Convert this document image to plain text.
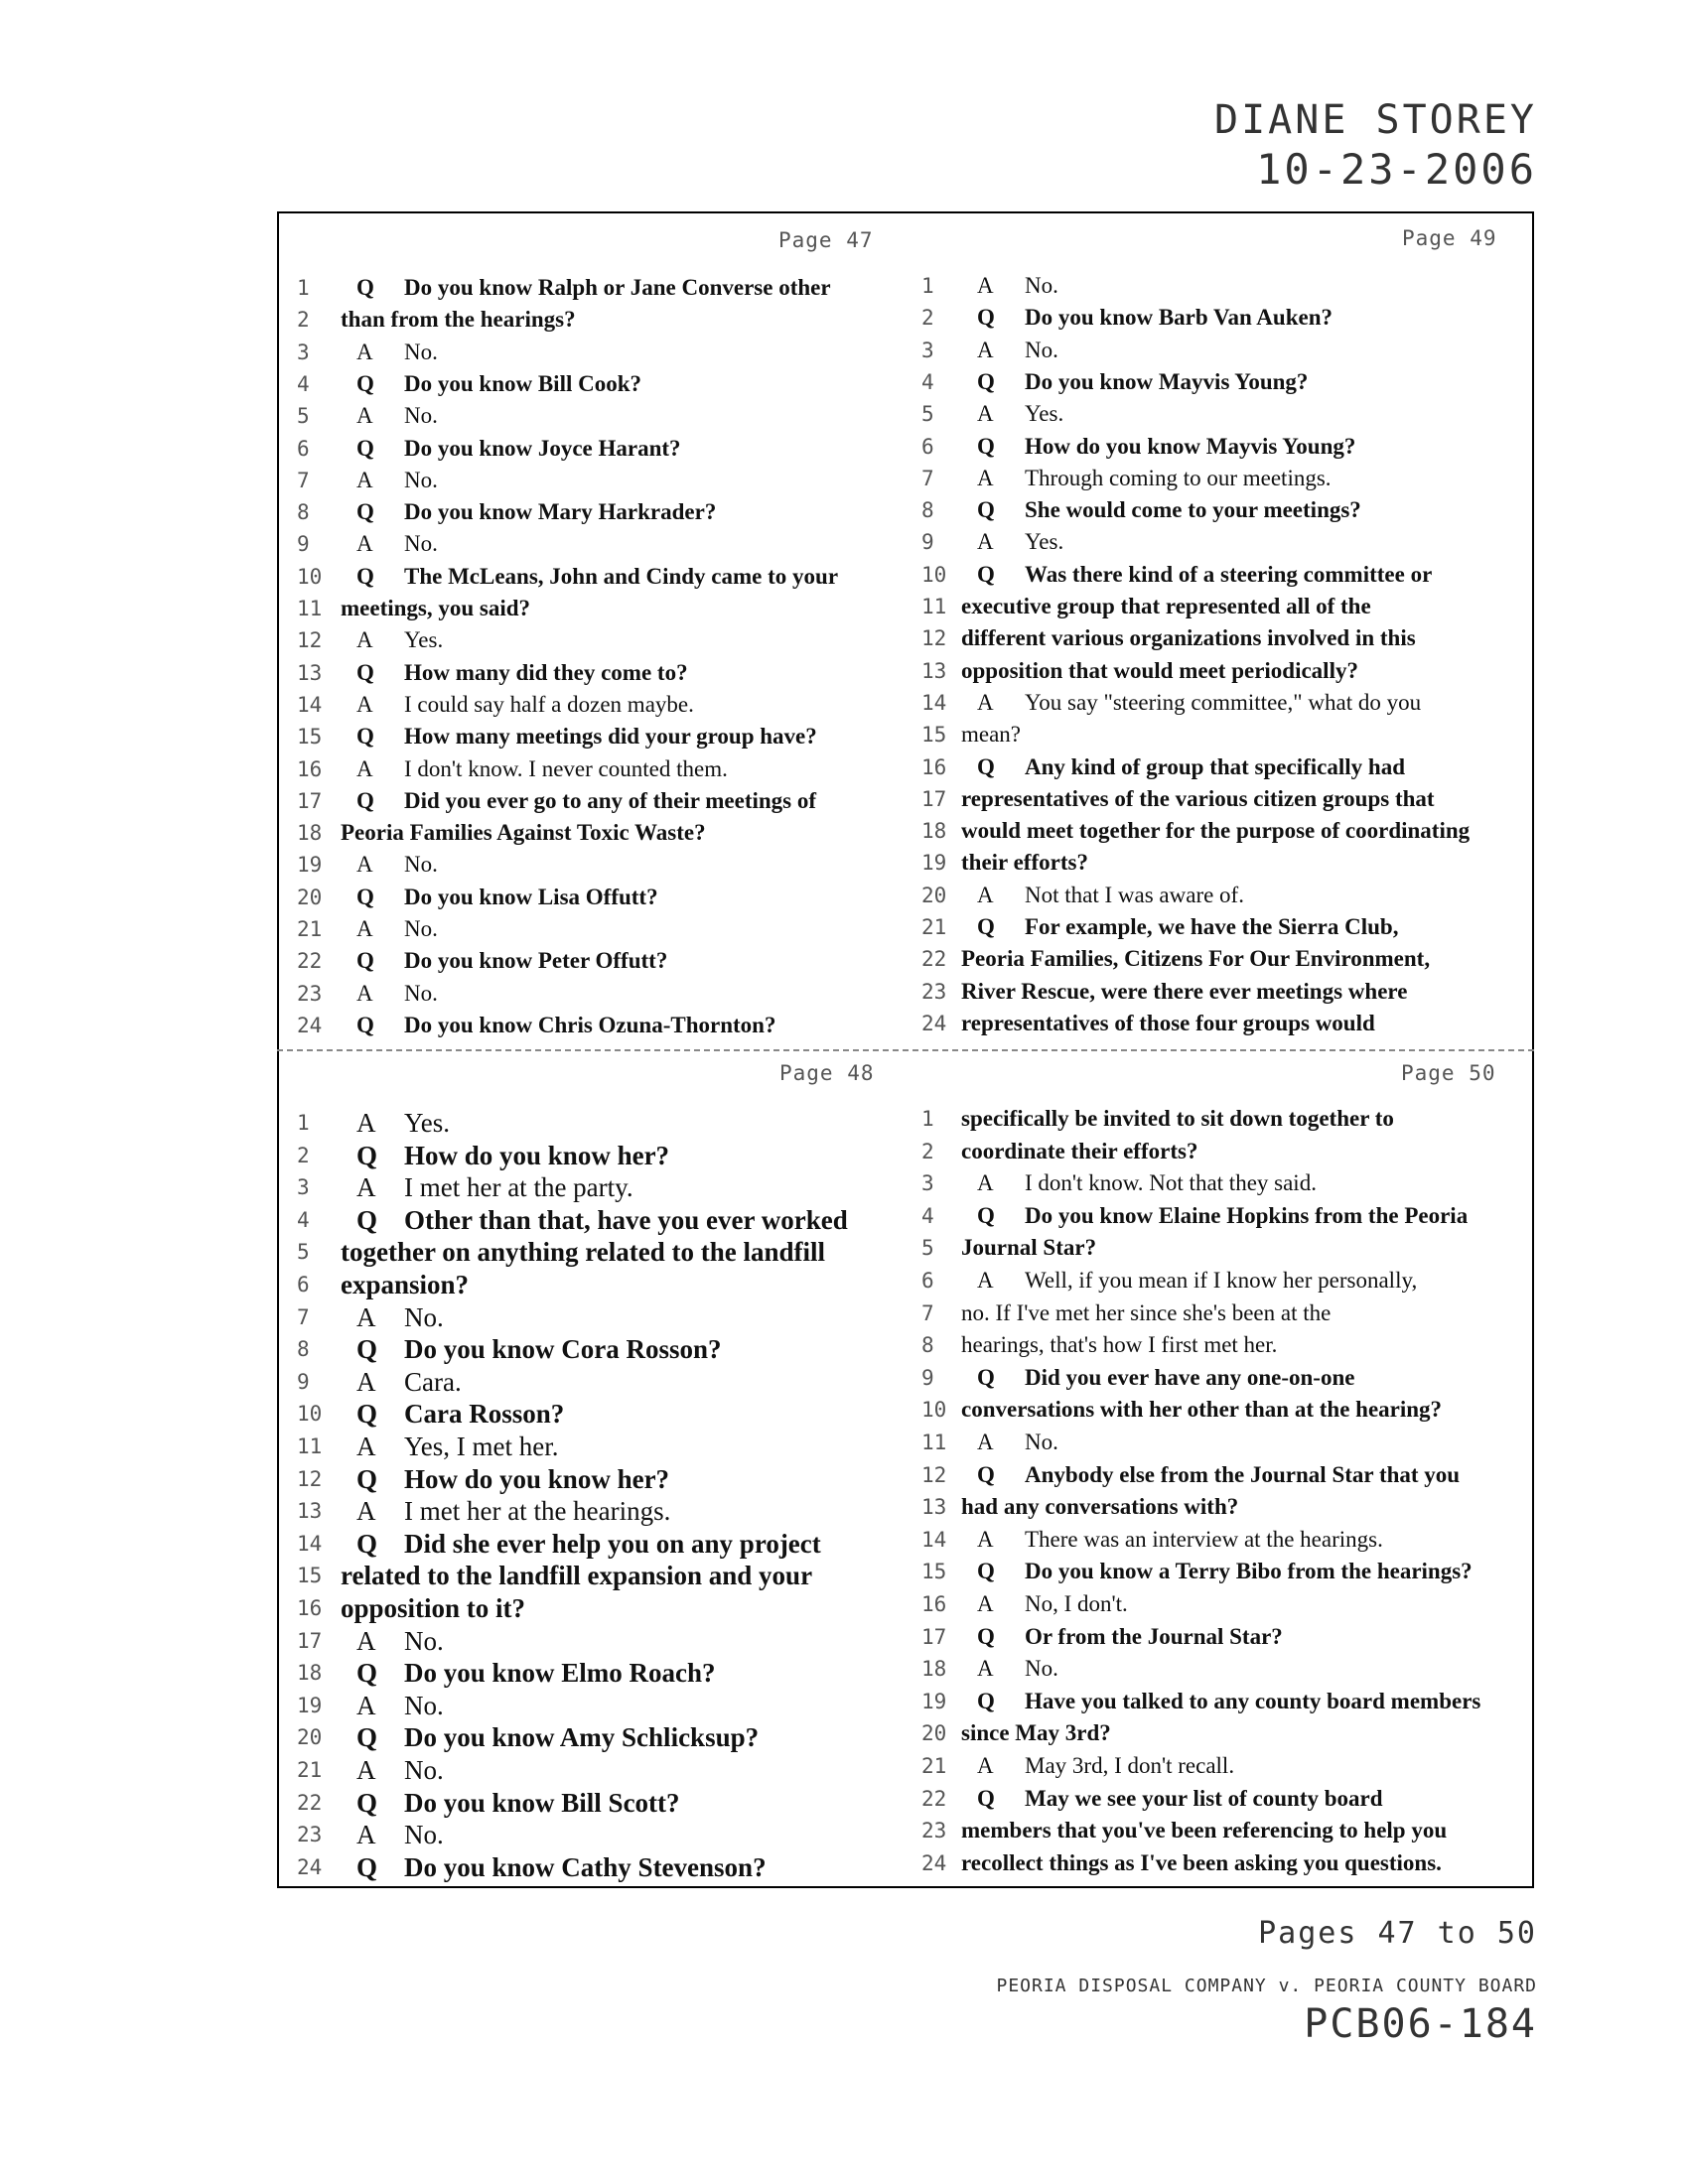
DIANE STOREY
10-23-2006
Page 47	Page 49
Page 48	Page 50
1	Q Do you know Ralph or Jane Converse other
2	than from the hearings?
3	A No.
4	Q Do you know Bill Cook?
5	A No.
6	Q Do you know Joyce Harant?
7	A No.
8	Q Do you know Mary Harkrader?
9	A No.
10	Q The McLeans, John and Cindy came to your
11 meetings, you said?
12	A Yes.
13	Q How many did they come to?
14	A I could say half a dozen maybe.
15	Q How many meetings did your group have?
16	A I don't know. I never counted them.
17	Q Did you ever go to any of their meetings of
18 Peoria Families Against Toxic Waste?
19	A No.
20	Q Do you know Lisa Offutt?
21	A No.
22	Q Do you know Peter Offutt?
23	A No.
24	Q Do you know Chris Ozuna-Thornton?
1	A No.
2	Q Do you know Barb Van Auken?
3	A No.
4	Q Do you know Mayvis Young?
5	A Yes.
6	Q How do you know Mayvis Young?
7	A Through coming to our meetings.
8	Q She would come to your meetings?
9	A Yes.
10	Q Was there kind of a steering committee or
11 executive group that represented all of the
12 different various organizations involved in this
13 opposition that would meet periodically?
14	A You say "steering committee," what do you
15 mean?
16	Q Any kind of group that specifically had
17 representatives of the various citizen groups that
18 would meet together for the purpose of coordinating
19 their efforts?
20	A Not that I was aware of.
21	Q For example, we have the Sierra Club,
22 Peoria Families, Citizens For Our Environment,
23 River Rescue, were there ever meetings where
24 representatives of those four groups would
1	A Yes.
2	Q How do you know her?
3	A I met her at the party.
4	Q Other than that, have you ever worked
5	together on anything related to the landfill
6	expansion?
7	A No.
8	Q Do you know Cora Rosson?
9	A Cara.
10	Q Cara Rosson?
11	A Yes, I met her.
12	Q How do you know her?
13	A I met her at the hearings.
14	Q Did she ever help you on any project
15 related to the landfill expansion and your
16 opposition to it?
17	A No.
18	Q Do you know Elmo Roach?
19	A No.
20	Q Do you know Amy Schlicksup?
21	A No.
22	Q Do you know Bill Scott?
23	A No.
24	Q Do you know Cathy Stevenson?
1	specifically be invited to sit down together to
2	coordinate their efforts?
3	A I don't know. Not that they said.
4	Q Do you know Elaine Hopkins from the Peoria
5	Journal Star?
6	A Well, if you mean if I know her personally,
7	no. If I've met her since she's been at the
8	hearings, that's how I first met her.
9	Q Did you ever have any one-on-one
10 conversations with her other than at the hearing?
11	A No.
12	Q Anybody else from the Journal Star that you
13 had any conversations with?
14	A There was an interview at the hearings.
15	Q Do you know a Terry Bibo from the hearings?
16	A No, I don't.
17	Q Or from the Journal Star?
18	A No.
19	Q Have you talked to any county board members
20 since May 3rd?
21	A May 3rd, I don't recall.
22	Q May we see your list of county board
23 members that you've been referencing to help you
24 recollect things as I've been asking you questions.
Pages 47 to 50
PEORIA DISPOSAL COMPANY v. PEORIA COUNTY BOARD
PCB06-184
